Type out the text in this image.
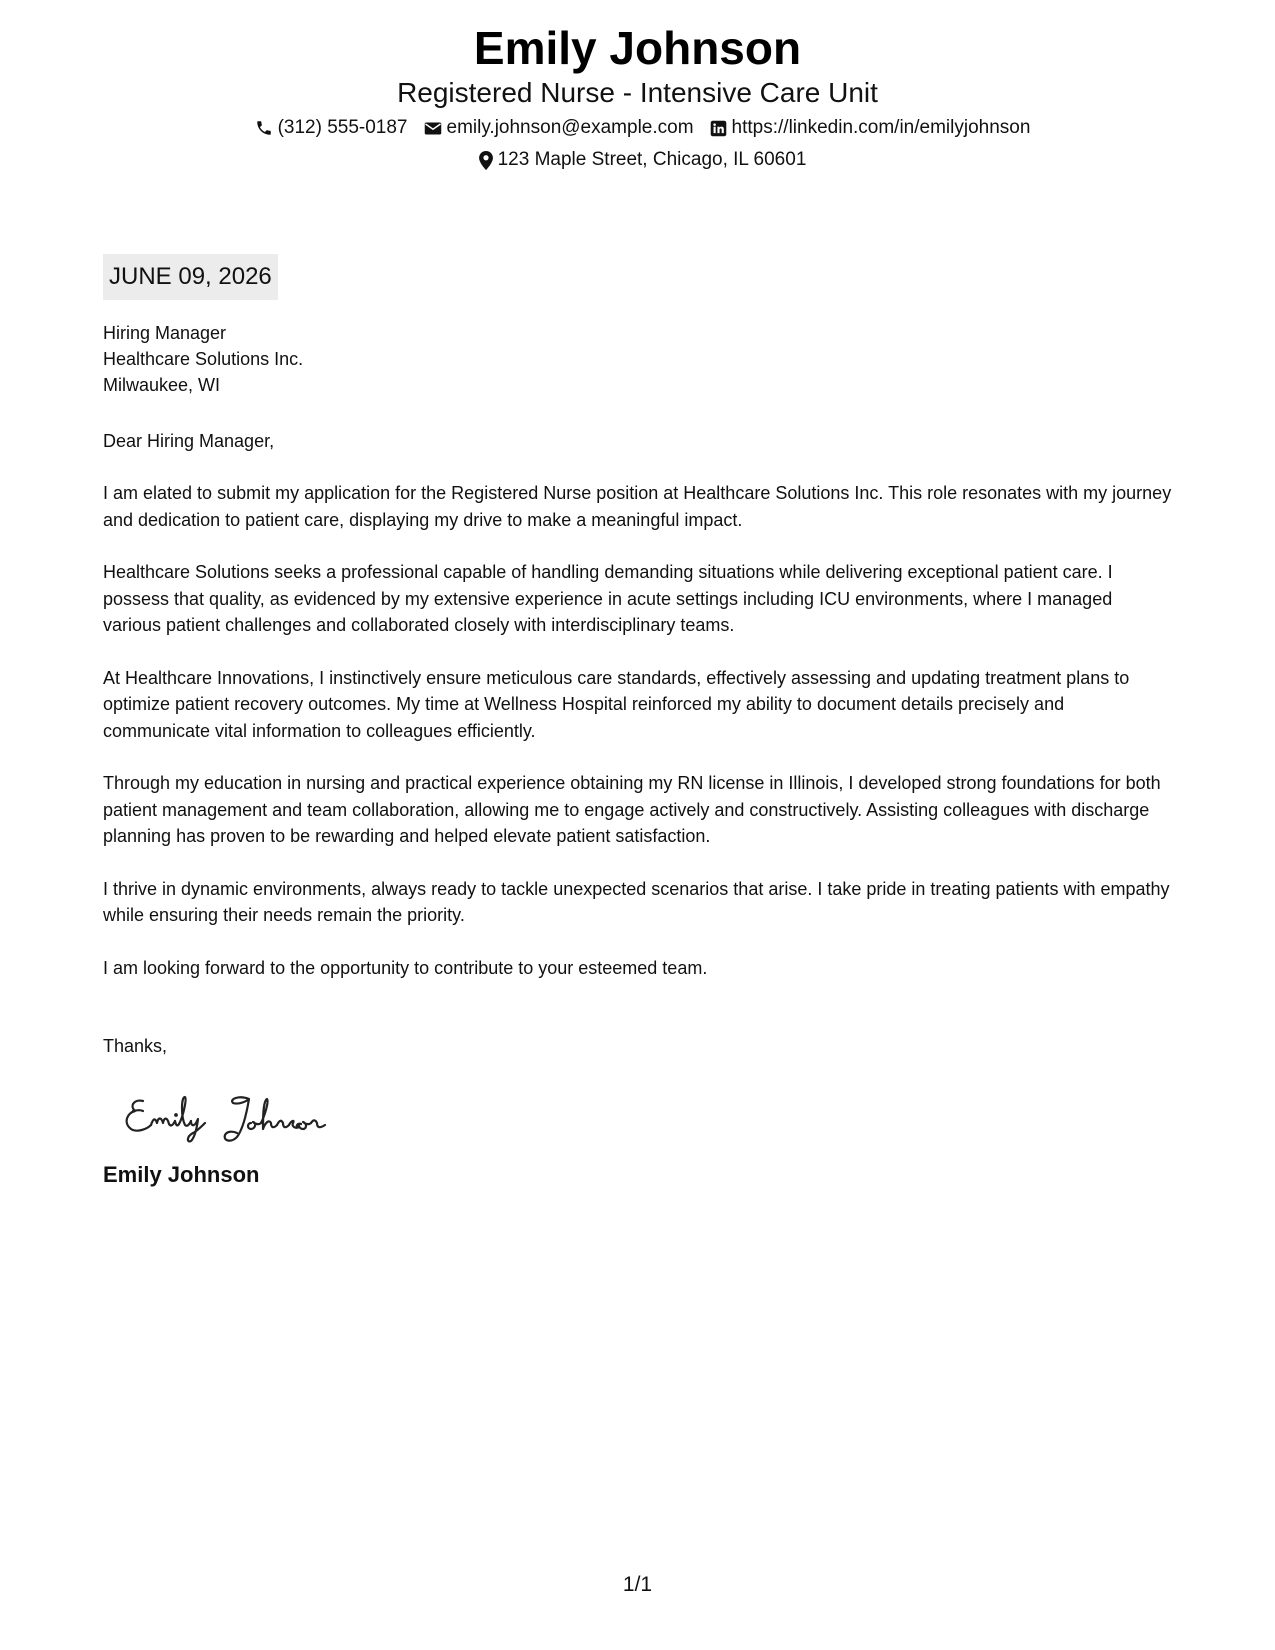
Emily Johnson
Registered Nurse - Intensive Care Unit
(312) 555-0187 emily.johnson@example.com https://linkedin.com/in/emilyjohnson
123 Maple Street, Chicago, IL 60601
JUNE 09, 2026
Hiring Manager
Healthcare Solutions Inc.
Milwaukee, WI
Dear Hiring Manager,
I am elated to submit my application for the Registered Nurse position at Healthcare Solutions Inc. This role resonates with my journey and dedication to patient care, displaying my drive to make a meaningful impact.
Healthcare Solutions seeks a professional capable of handling demanding situations while delivering exceptional patient care. I possess that quality, as evidenced by my extensive experience in acute settings including ICU environments, where I managed various patient challenges and collaborated closely with interdisciplinary teams.
At Healthcare Innovations, I instinctively ensure meticulous care standards, effectively assessing and updating treatment plans to optimize patient recovery outcomes. My time at Wellness Hospital reinforced my ability to document details precisely and communicate vital information to colleagues efficiently.
Through my education in nursing and practical experience obtaining my RN license in Illinois, I developed strong foundations for both patient management and team collaboration, allowing me to engage actively and constructively. Assisting colleagues with discharge planning has proven to be rewarding and helped elevate patient satisfaction.
I thrive in dynamic environments, always ready to tackle unexpected scenarios that arise. I take pride in treating patients with empathy while ensuring their needs remain the priority.
I am looking forward to the opportunity to contribute to your esteemed team.
Thanks,
Emily Johnson
1/1
